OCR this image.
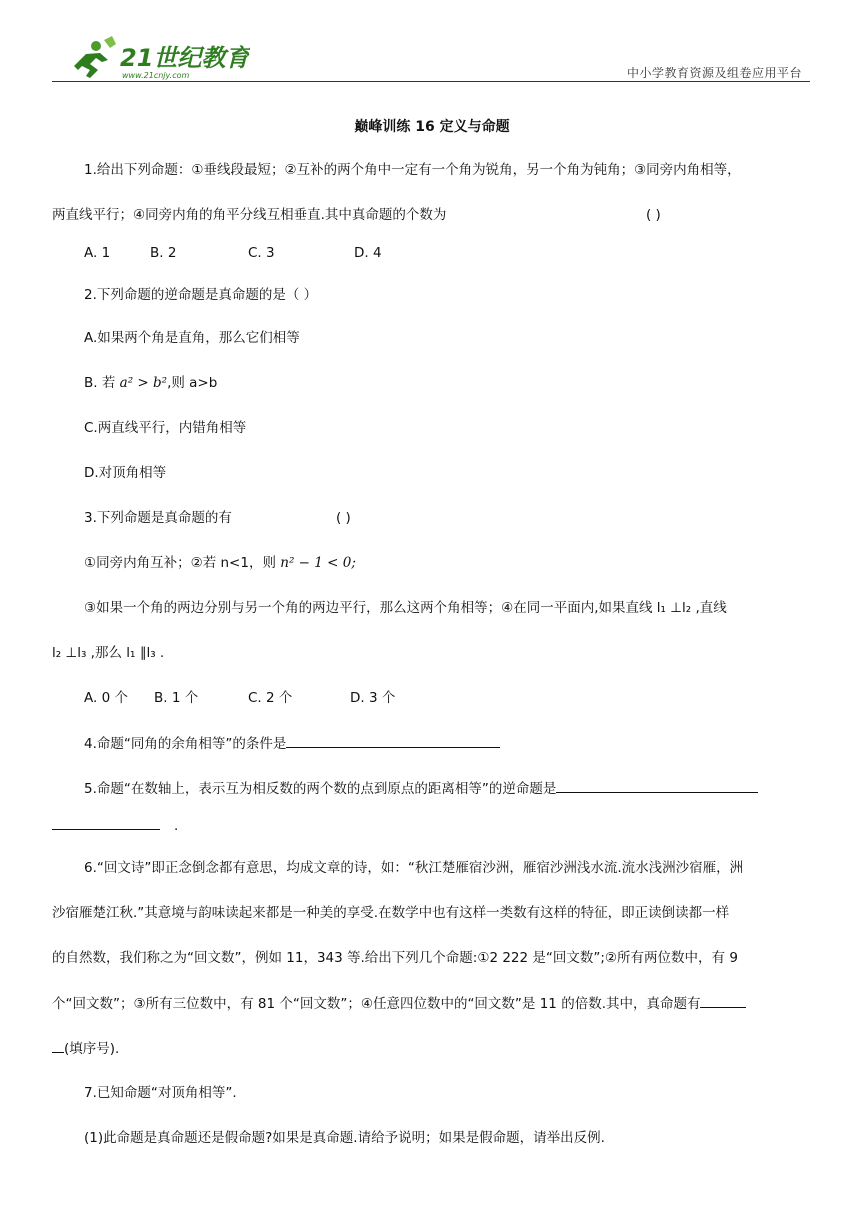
21世纪教育
www.21cnjy.com	中小学教育资源及组卷应用平台
巅峰训练 16 定义与命题
1.给出下列命题：①垂线段最短；②互补的两个角中一定有一个角为锐角，另一个角为钝角；③同旁内角相等，
两直线平行；④同旁内角的角平分线互相垂直.其中真命题的个数为	( )
A. 1	B. 2	C. 3	D. 4
2.下列命题的逆命题是真命题的是（ ）
A.如果两个角是直角，那么它们相等
B. 若 a² > b²,则 a>b
C.两直线平行，内错角相等
D.对顶角相等
3.下列命题是真命题的有	( )
①同旁内角互补；②若 n<1，则 n² − 1 < 0;
③如果一个角的两边分别与另一个角的两边平行，那么这两个角相等；④在同一平面内,如果直线 l₁ ⊥l₂ ,直线
l₂ ⊥l₃ ,那么 l₁ ∥l₃ .
A. 0 个 B. 1 个	C. 2 个	D. 3 个
4.命题“同角的余角相等”的条件是
5.命题“在数轴上，表示互为相反数的两个数的点到原点的距离相等”的逆命题是
.
6.“回文诗”即正念倒念都有意思，均成文章的诗，如：“秋江楚雁宿沙洲，雁宿沙洲浅水流.流水浅洲沙宿雁，洲
沙宿雁楚江秋.”其意境与韵味读起来都是一种美的享受.在数学中也有这样一类数有这样的特征，即正读倒读都一样
的自然数，我们称之为“回文数”，例如 11，343 等.给出下列几个命题:①2 222 是“回文数”;②所有两位数中，有 9
个“回文数”；③所有三位数中，有 81 个“回文数”；④任意四位数中的“回文数”是 11 的倍数.其中，真命题有
(填序号).
7.已知命题“对顶角相等”.
(1)此命题是真命题还是假命题?如果是真命题.请给予说明；如果是假命题，请举出反例.
